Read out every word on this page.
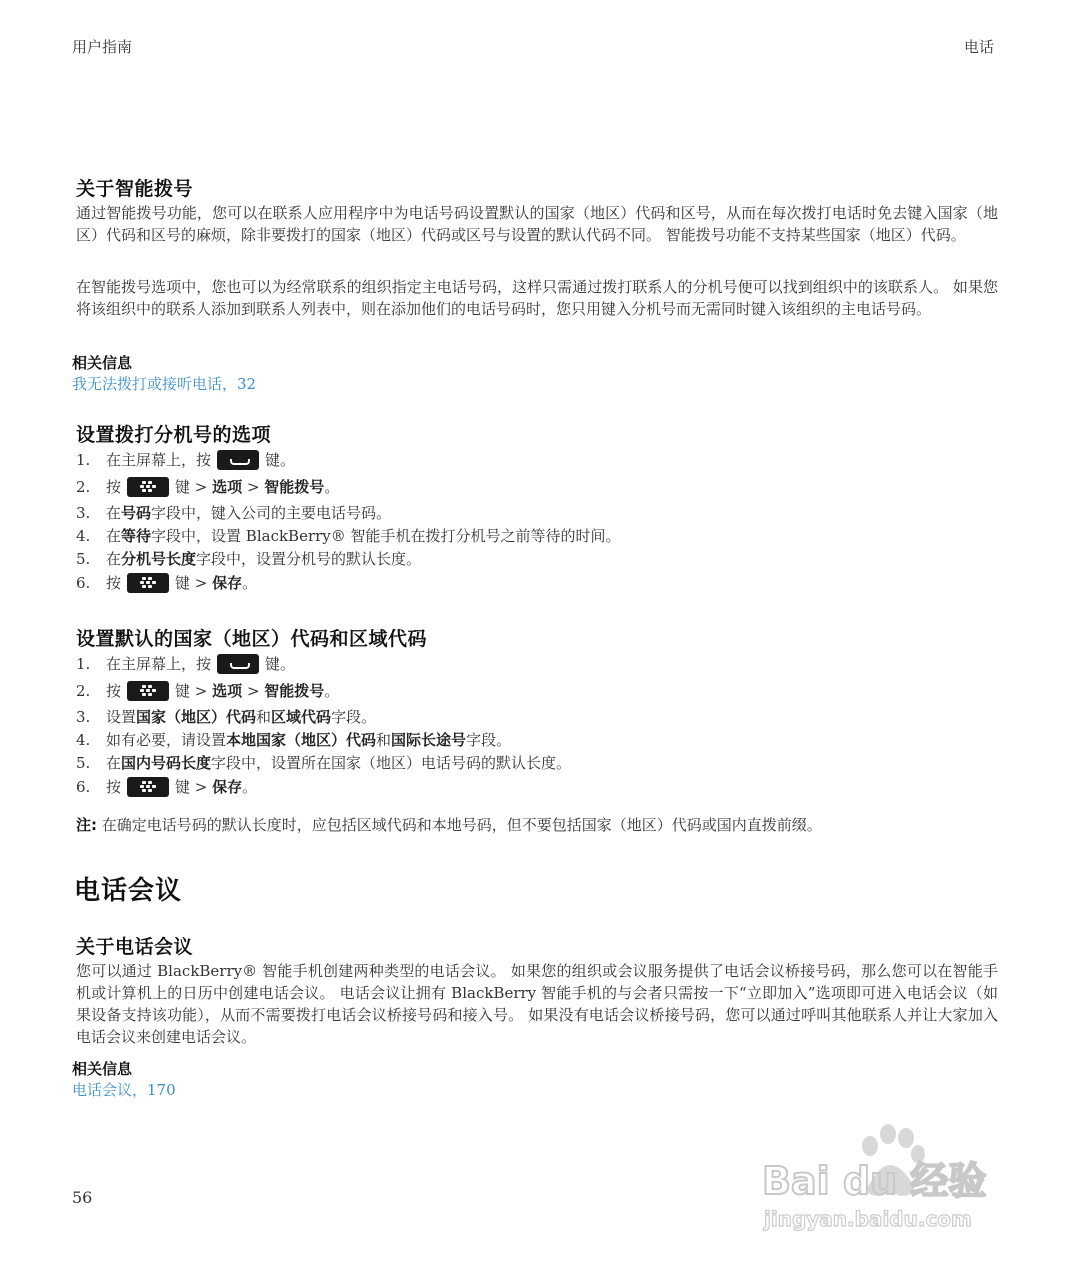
用户指南	电话
关于智能拨号
通过智能拨号功能，您可以在联系人应用程序中为电话号码设置默认的国家（地区）代码和区号，从而在每次拨打电话时免去键入国家（地区）代码和区号的麻烦，除非要拨打的国家（地区）代码或区号与设置的默认代码不同。 智能拨号功能不支持某些国家（地区）代码。
在智能拨号选项中，您也可以为经常联系的组织指定主电话号码，这样只需通过拨打联系人的分机号便可以找到组织中的该联系人。 如果您将该组织中的联系人添加到联系人列表中，则在添加他们的电话号码时，您只用键入分机号而无需同时键入该组织的主电话号码。
相关信息
我无法拨打或接听电话，32
设置拨打分机号的选项
1. 在主屏幕上，按	键。
2. 按	键 > 选项 > 智能拨号。
3. 在号码字段中，键入公司的主要电话号码。
4. 在等待字段中，设置 BlackBerry® 智能手机在拨打分机号之前等待的时间。
5. 在分机号长度字段中，设置分机号的默认长度。
6. 按	键 > 保存。
设置默认的国家（地区）代码和区域代码
1. 在主屏幕上，按	键。
2. 按	键 > 选项 > 智能拨号。
3. 设置国家（地区）代码和区域代码字段。
4. 如有必要，请设置本地国家（地区）代码和国际长途号字段。
5. 在国内号码长度字段中，设置所在国家（地区）电话号码的默认长度。
6. 按	键 > 保存。
注: 在确定电话号码的默认长度时，应包括区域代码和本地号码，但不要包括国家（地区）代码或国内直拨前缀。
电话会议
关于电话会议
您可以通过 BlackBerry® 智能手机创建两种类型的电话会议。 如果您的组织或会议服务提供了电话会议桥接号码，那么您可以在智能手机或计算机上的日历中创建电话会议。 电话会议让拥有 BlackBerry 智能手机的与会者只需按一下“立即加入”选项即可进入电话会议（如果设备支持该功能），从而不需要拨打电话会议桥接号码和接入号。 如果没有电话会议桥接号码，您可以通过呼叫其他联系人并让大家加入电话会议来创建电话会议。
相关信息
电话会议，170
56	Bai du 经验
jingyan.baidu.com
